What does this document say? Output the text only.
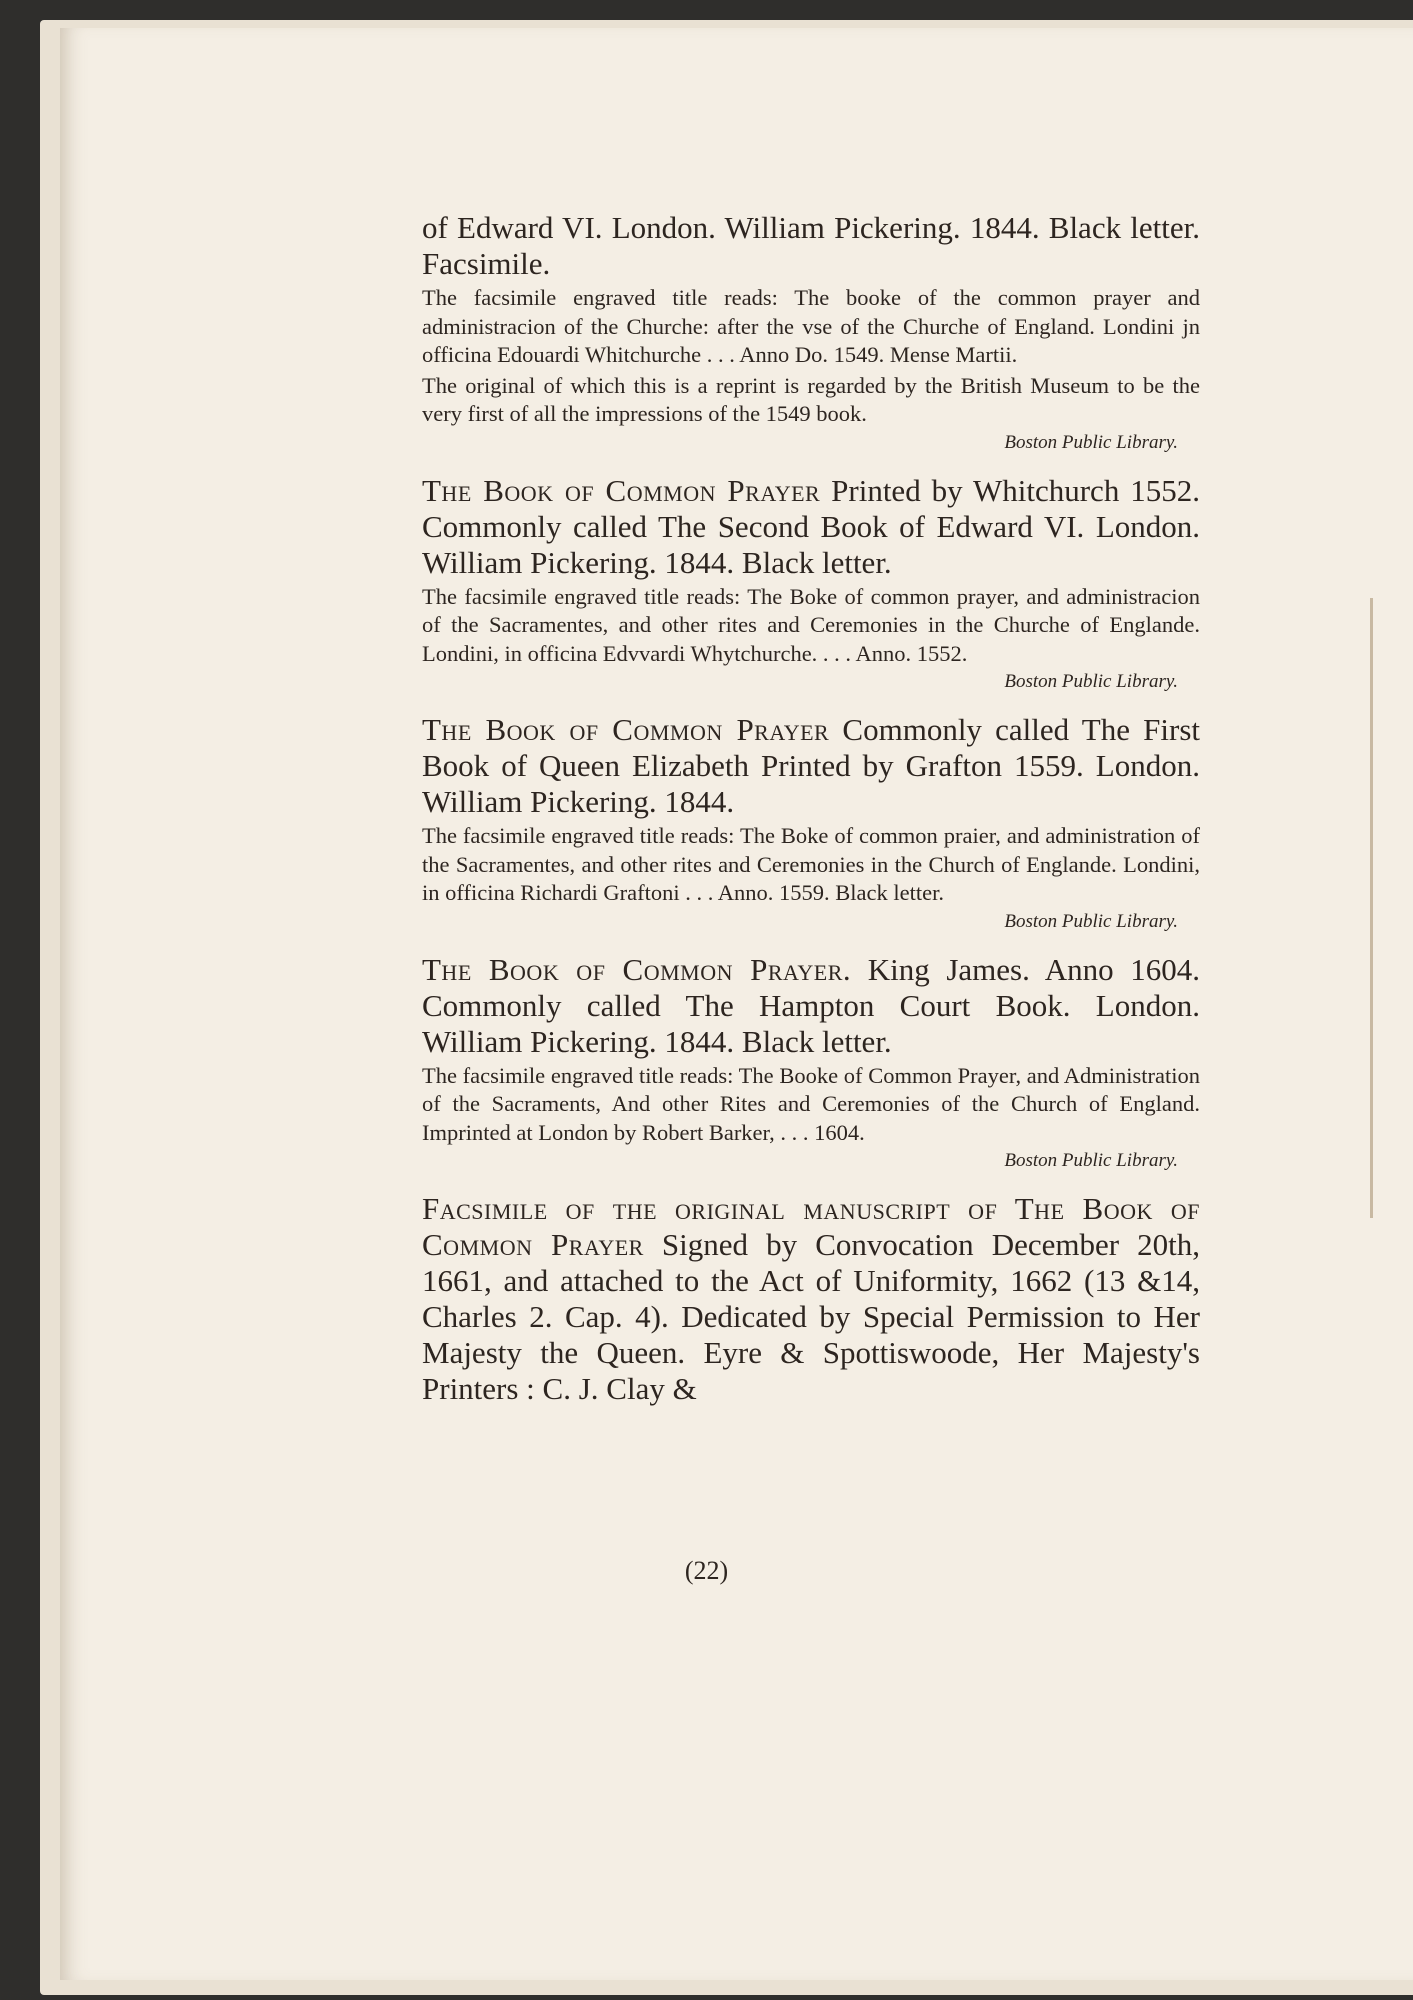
of Edward VI. London. William Pickering. 1844. Black letter. Facsimile.

The facsimile engraved title reads: The booke of the common prayer and administracion of the Churche: after the vse of the Churche of England. Londini jn officina Edouardi Whitchurche . . . Anno Do. 1549. Mense Martii.

The original of which this is a reprint is regarded by the British Museum to be the very first of all the impressions of the 1549 book.

Boston Public Library.

The Book of Common Prayer Printed by Whitchurch 1552. Commonly called The Second Book of Edward VI. London. William Pickering. 1844. Black letter.

The facsimile engraved title reads: The Boke of common prayer, and administracion of the Sacramentes, and other rites and Ceremonies in the Churche of Englande. Londini, in officina Edvvardi Whytchurche. . . . Anno. 1552.

Boston Public Library.

The Book of Common Prayer Commonly called The First Book of Queen Elizabeth Printed by Grafton 1559. London. William Pickering. 1844.

The facsimile engraved title reads: The Boke of common praier, and administration of the Sacramentes, and other rites and Ceremonies in the Church of Englande. Londini, in officina Richardi Graftoni . . . Anno. 1559. Black letter.

Boston Public Library.

The Book of Common Prayer. King James. Anno 1604. Commonly called The Hampton Court Book. London. William Pickering. 1844. Black letter.

The facsimile engraved title reads: The Booke of Common Prayer, and Administration of the Sacraments, And other Rites and Ceremonies of the Church of England. Imprinted at London by Robert Barker, . . . 1604.

Boston Public Library.

Facsimile of the original manuscript of The Book of Common Prayer Signed by Convocation December 20th, 1661, and attached to the Act of Uniformity, 1662 (13 &14, Charles 2. Cap. 4). Dedicated by Special Permission to Her Majesty the Queen. Eyre & Spottiswoode, Her Majesty's Printers : C. J. Clay &

(22)
